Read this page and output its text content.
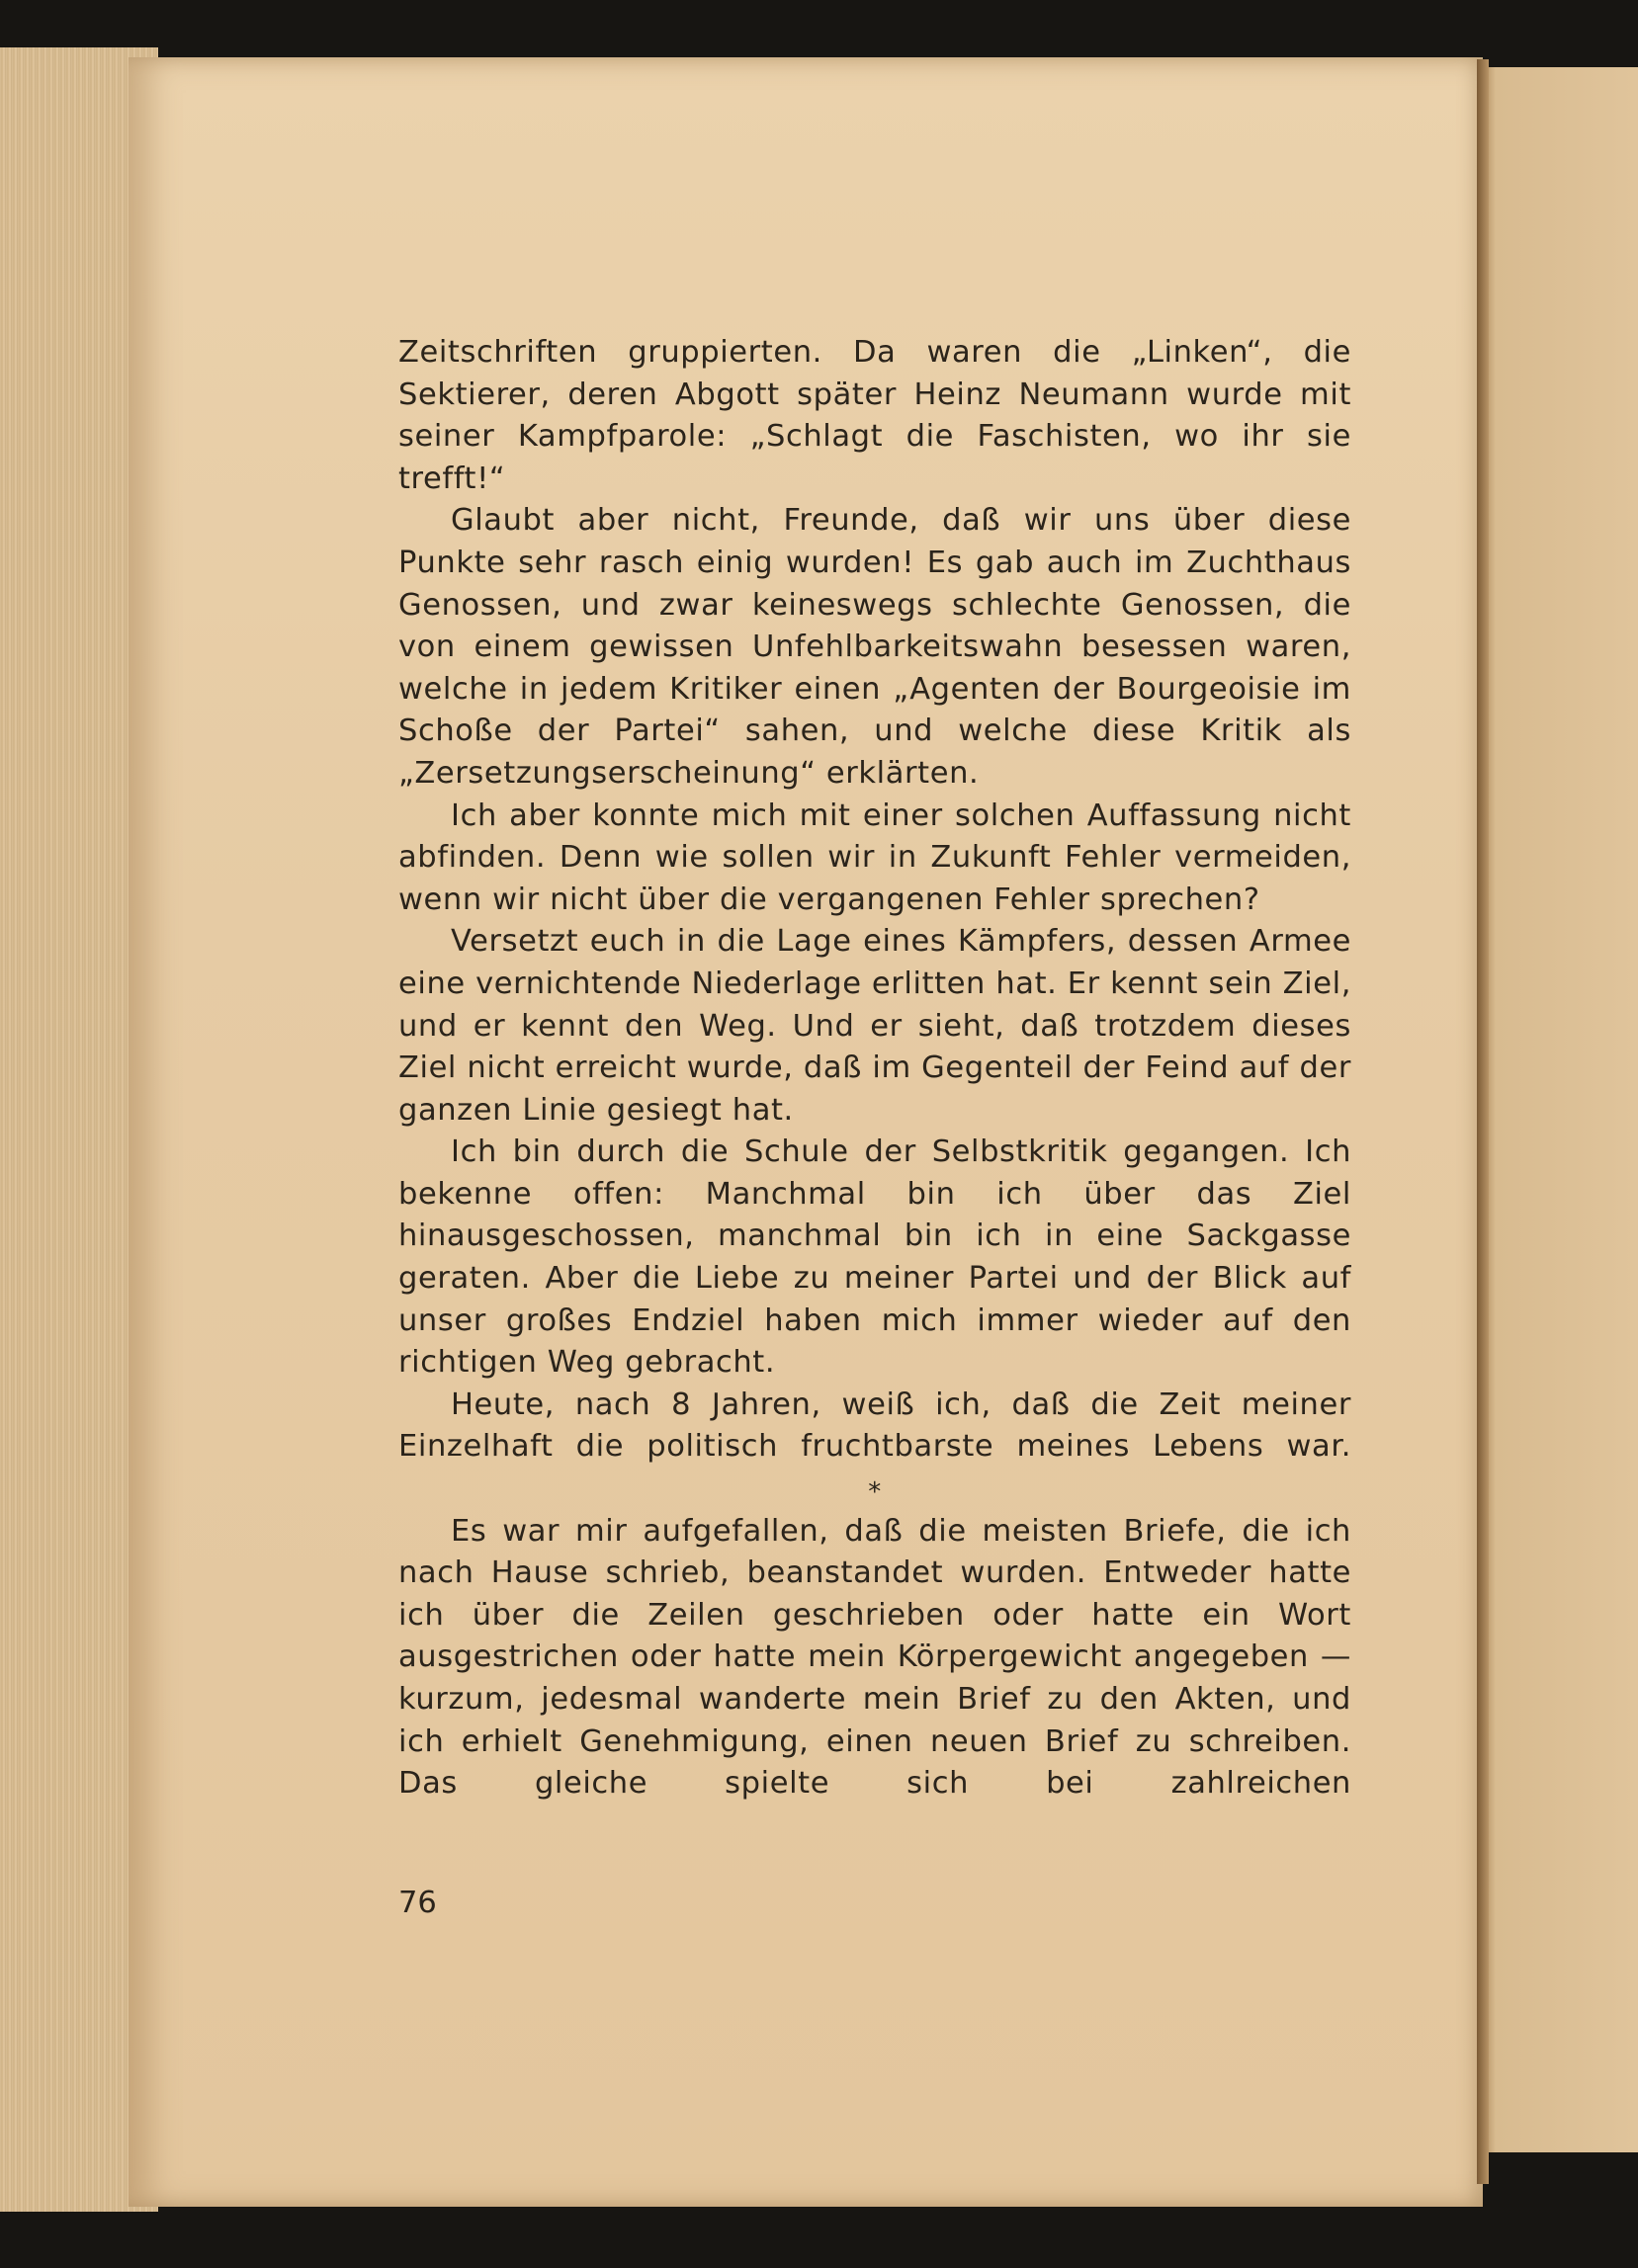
Zeitschriften gruppierten. Da waren die „Linken“, die Sektierer, deren Abgott später Heinz Neumann wurde mit seiner Kampfparole: „Schlagt die Faschisten, wo ihr sie trefft!“

Glaubt aber nicht, Freunde, daß wir uns über diese Punkte sehr rasch einig wurden! Es gab auch im Zuchthaus Genossen, und zwar keineswegs schlechte Genossen, die von einem gewissen Unfehlbarkeitswahn besessen waren, welche in jedem Kritiker einen „Agenten der Bourgeoisie im Schoße der Partei“ sahen, und welche diese Kritik als „Zersetzungserscheinung“ erklärten.

Ich aber konnte mich mit einer solchen Auffassung nicht abfinden. Denn wie sollen wir in Zukunft Fehler vermeiden, wenn wir nicht über die vergangenen Fehler sprechen?

Versetzt euch in die Lage eines Kämpfers, dessen Armee eine vernichtende Niederlage erlitten hat. Er kennt sein Ziel, und er kennt den Weg. Und er sieht, daß trotzdem dieses Ziel nicht erreicht wurde, daß im Gegenteil der Feind auf der ganzen Linie gesiegt hat.

Ich bin durch die Schule der Selbstkritik gegangen. Ich bekenne offen: Manchmal bin ich über das Ziel hinausgeschossen, manchmal bin ich in eine Sackgasse geraten. Aber die Liebe zu meiner Partei und der Blick auf unser großes Endziel haben mich immer wieder auf den richtigen Weg gebracht.

Heute, nach 8 Jahren, weiß ich, daß die Zeit meiner Einzelhaft die politisch fruchtbarste meines Lebens war.

*

Es war mir aufgefallen, daß die meisten Briefe, die ich nach Hause schrieb, beanstandet wurden. Entweder hatte ich über die Zeilen geschrieben oder hatte ein Wort ausgestrichen oder hatte mein Körpergewicht angegeben — kurzum, jedesmal wanderte mein Brief zu den Akten, und ich erhielt Genehmigung, einen neuen Brief zu schreiben. Das gleiche spielte sich bei zahlreichen

76
